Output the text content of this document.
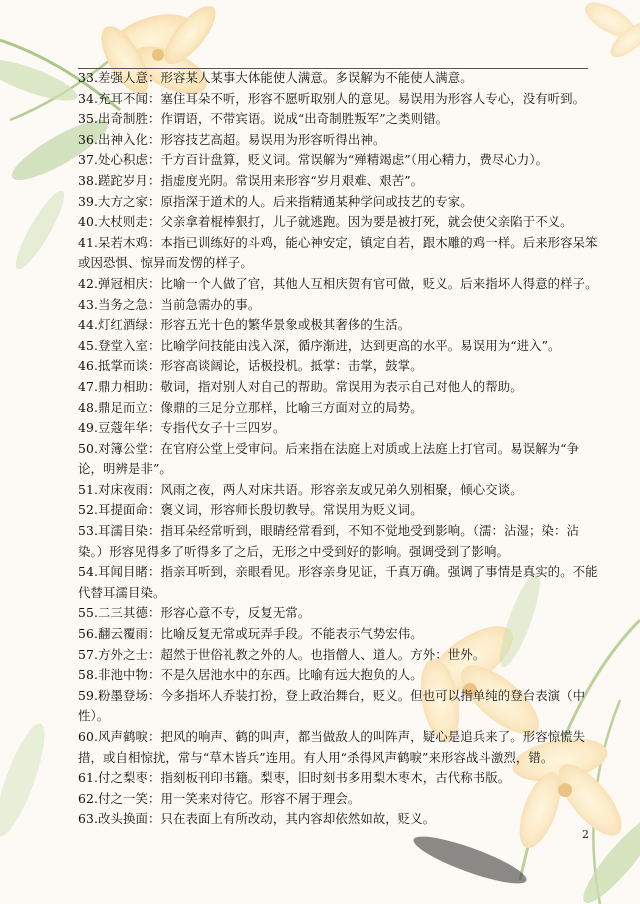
33.差强人意：形容某人某事大体能使人满意。多误解为不能使人满意。

34.充耳不闻：塞住耳朵不听，形容不愿听取别人的意见。易误用为形容人专心，没有听到。

35.出奇制胜：作谓语，不带宾语。说成“出奇制胜叛军”之类则错。

36.出神入化：形容技艺高超。易误用为形容听得出神。

37.处心积虑：千方百计盘算，贬义词。常误解为“殚精竭虑”（用心精力，费尽心力）。

38.蹉跎岁月：指虚度光阴。常误用来形容“岁月艰难、艰苦”。

39.大方之家：原指深于道术的人。后来指精通某种学问或技艺的专家。

40.大杖则走：父亲拿着棍棒狠打，儿子就逃跑。因为要是被打死，就会使父亲陷于不义。

41.呆若木鸡：本指已训练好的斗鸡，能心神安定，镇定自若，跟木雕的鸡一样。后来形容呆笨或因恐惧、惊异而发愣的样子。

42.弹冠相庆：比喻一个人做了官，其他人互相庆贺有官可做，贬义。后来指坏人得意的样子。

43.当务之急：当前急需办的事。

44.灯红酒绿：形容五光十色的繁华景象或极其奢侈的生活。

45.登堂入室：比喻学问技能由浅入深，循序渐进，达到更高的水平。易误用为“进入”。

46.抵掌而谈：形容高谈阔论，话极投机。抵掌：击掌，鼓掌。

47.鼎力相助：敬词，指对别人对自己的帮助。常误用为表示自己对他人的帮助。

48.鼎足而立：像鼎的三足分立那样，比喻三方面对立的局势。

49.豆蔻年华：专指代女子十三四岁。

50.对簿公堂：在官府公堂上受审问。后来指在法庭上对质或上法庭上打官司。易误解为“争论，明辨是非”。

51.对床夜雨：风雨之夜，两人对床共语。形容亲友或兄弟久别相聚，倾心交谈。

52.耳提面命：褒义词，形容师长殷切教导。常误用为贬义词。

53.耳濡目染：指耳朵经常听到，眼睛经常看到，不知不觉地受到影响。（濡：沾湿；染：沾染。）形容见得多了听得多了之后，无形之中受到好的影响。强调受到了影响。

54.耳闻目睹：指亲耳听到，亲眼看见。形容亲身见证，千真万确。强调了事情是真实的。不能代替耳濡目染。

55.二三其德：形容心意不专，反复无常。

56.翻云覆雨：比喻反复无常或玩弄手段。不能表示气势宏伟。

57.方外之士：超然于世俗礼教之外的人。也指僧人、道人。方外：世外。

58.非池中物：不是久居池水中的东西。比喻有远大抱负的人。

59.粉墨登场：今多指坏人乔装打扮，登上政治舞台，贬义。但也可以指单纯的登台表演（中性）。

60.风声鹤唳：把风的响声、鹤的叫声，都当做敌人的叫阵声，疑心是追兵来了。形容惊慌失措，或自相惊扰，常与“草木皆兵”连用。有人用“杀得风声鹤唳”来形容战斗激烈，错。

61.付之梨枣：指刻板刊印书籍。梨枣，旧时刻书多用梨木枣木，古代称书版。

62.付之一笑：用一笑来对待它。形容不屑于理会。

63.改头换面：只在表面上有所改动，其内容却依然如故，贬义。

2
